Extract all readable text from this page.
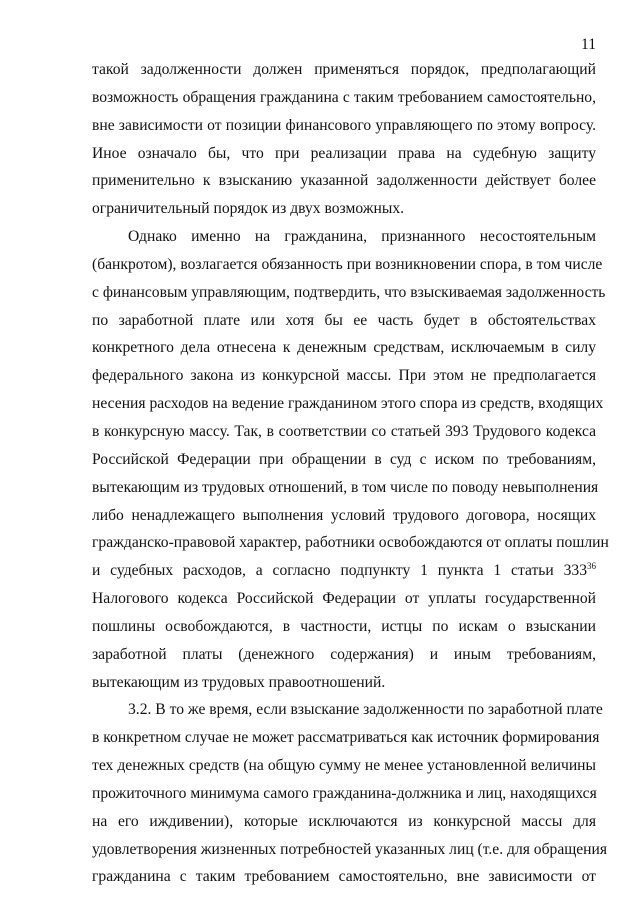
11
такой задолженности должен применяться порядок, предполагающий
возможность обращения гражданина с таким требованием самостоятельно,
вне зависимости от позиции финансового управляющего по этому вопросу.
Иное означало бы, что при реализации права на судебную защиту
применительно к взысканию указанной задолженности действует более
ограничительный порядок из двух возможных.
Однако именно на гражданина, признанного несостоятельным
(банкротом), возлагается обязанность при возникновении спора, в том числе
с финансовым управляющим, подтвердить, что взыскиваемая задолженность
по заработной плате или хотя бы ее часть будет в обстоятельствах
конкретного дела отнесена к денежным средствам, исключаемым в силу
федерального закона из конкурсной массы. При этом не предполагается
несения расходов на ведение гражданином этого спора из средств, входящих
в конкурсную массу. Так, в соответствии со статьей 393 Трудового кодекса
Российской Федерации при обращении в суд с иском по требованиям,
вытекающим из трудовых отношений, в том числе по поводу невыполнения
либо ненадлежащего выполнения условий трудового договора, носящих
гражданско-правовой характер, работники освобождаются от оплаты пошлин
и судебных расходов, а согласно подпункту 1 пункта 1 статьи 333$^{36}$
Налогового кодекса Российской Федерации от уплаты государственной
пошлины освобождаются, в частности, истцы по искам о взыскании
заработной платы (денежного содержания) и иным требованиям,
вытекающим из трудовых правоотношений.
3.2. В то же время, если взыскание задолженности по заработной плате
в конкретном случае не может рассматриваться как источник формирования
тех денежных средств (на общую сумму не менее установленной величины
прожиточного минимума самого гражданина-должника и лиц, находящихся
на его иждивении), которые исключаются из конкурсной массы для
удовлетворения жизненных потребностей указанных лиц (т.е. для обращения
гражданина с таким требованием самостоятельно, вне зависимости от
